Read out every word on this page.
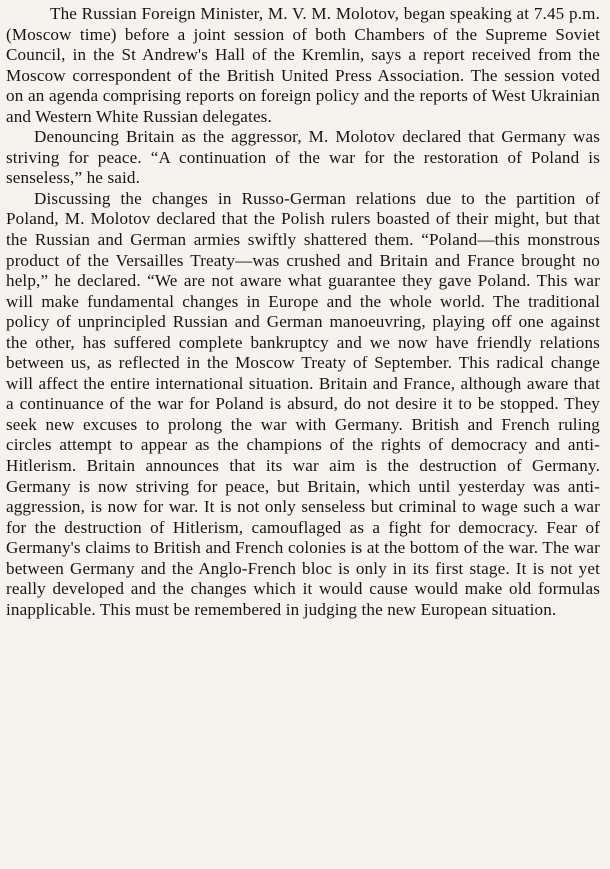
The Russian Foreign Minister, M. V. M. Molotov, began speaking at 7.45 p.m. (Moscow time) before a joint session of both Chambers of the Supreme Soviet Council, in the St Andrew's Hall of the Kremlin, says a report received from the Moscow correspondent of the British United Press Association. The session voted on an agenda comprising reports on foreign policy and the reports of West Ukrainian and Western White Russian delegates.

Denouncing Britain as the aggressor, M. Molotov declared that Germany was striving for peace. “A continuation of the war for the restoration of Poland is senseless,” he said.

Discussing the changes in Russo-German relations due to the partition of Poland, M. Molotov declared that the Polish rulers boasted of their might, but that the Russian and German armies swiftly shattered them. “Poland—this monstrous product of the Versailles Treaty—was crushed and Britain and France brought no help,” he declared. “We are not aware what guarantee they gave Poland. This war will make fundamental changes in Europe and the whole world. The traditional policy of unprincipled Russian and German manoeuvring, playing off one against the other, has suffered complete bankruptcy and we now have friendly relations between us, as reflected in the Moscow Treaty of September. This radical change will affect the entire international situation. Britain and France, although aware that a continuance of the war for Poland is absurd, do not desire it to be stopped. They seek new excuses to prolong the war with Germany. British and French ruling circles attempt to appear as the champions of the rights of democracy and anti-Hitlerism. Britain announces that its war aim is the destruction of Germany. Germany is now striving for peace, but Britain, which until yesterday was anti-aggression, is now for war. It is not only senseless but criminal to wage such a war for the destruction of Hitlerism, camouflaged as a fight for democracy. Fear of Germany's claims to British and French colonies is at the bottom of the war. The war between Germany and the Anglo-French bloc is only in its first stage. It is not yet really developed and the changes which it would cause would make old formulas inapplicable. This must be remembered in judging the new European situation.
